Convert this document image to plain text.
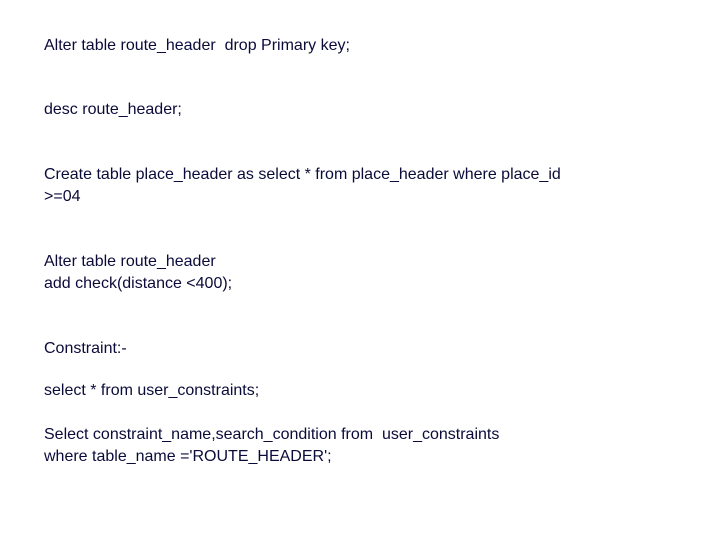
Alter table route_header  drop Primary key;

desc route_header;

Create table place_header as select * from place_header where place_id

>=04

Alter table route_header

add check(distance <400);

Constraint:-

select * from user_constraints;

Select constraint_name,search_condition from  user_constraints

where table_name ='ROUTE_HEADER';
